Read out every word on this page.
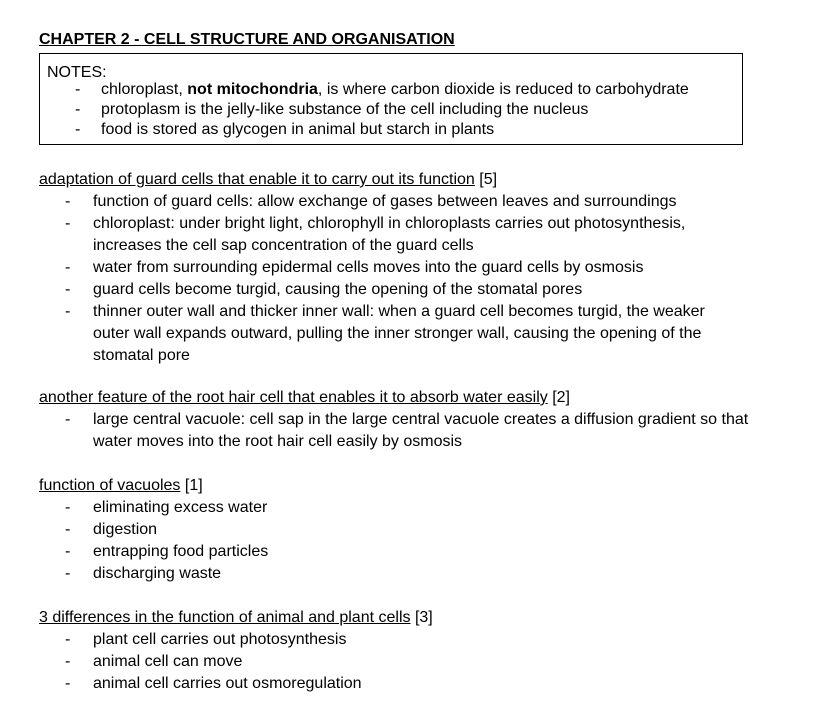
CHAPTER 2 - CELL STRUCTURE AND ORGANISATION
NOTES:
- chloroplast, not mitochondria, is where carbon dioxide is reduced to carbohydrate
- protoplasm is the jelly-like substance of the cell including the nucleus
- food is stored as glycogen in animal but starch in plants
adaptation of guard cells that enable it to carry out its function [5]
- function of guard cells: allow exchange of gases between leaves and surroundings
- chloroplast: under bright light, chlorophyll in chloroplasts carries out photosynthesis, increases the cell sap concentration of the guard cells
- water from surrounding epidermal cells moves into the guard cells by osmosis
- guard cells become turgid, causing the opening of the stomatal pores
- thinner outer wall and thicker inner wall: when a guard cell becomes turgid, the weaker outer wall expands outward, pulling the inner stronger wall, causing the opening of the stomatal pore
another feature of the root hair cell that enables it to absorb water easily [2]
- large central vacuole: cell sap in the large central vacuole creates a diffusion gradient so that water moves into the root hair cell easily by osmosis
function of vacuoles [1]
- eliminating excess water
- digestion
- entrapping food particles
- discharging waste
3 differences in the function of animal and plant cells [3]
- plant cell carries out photosynthesis
- animal cell can move
- animal cell carries out osmoregulation
